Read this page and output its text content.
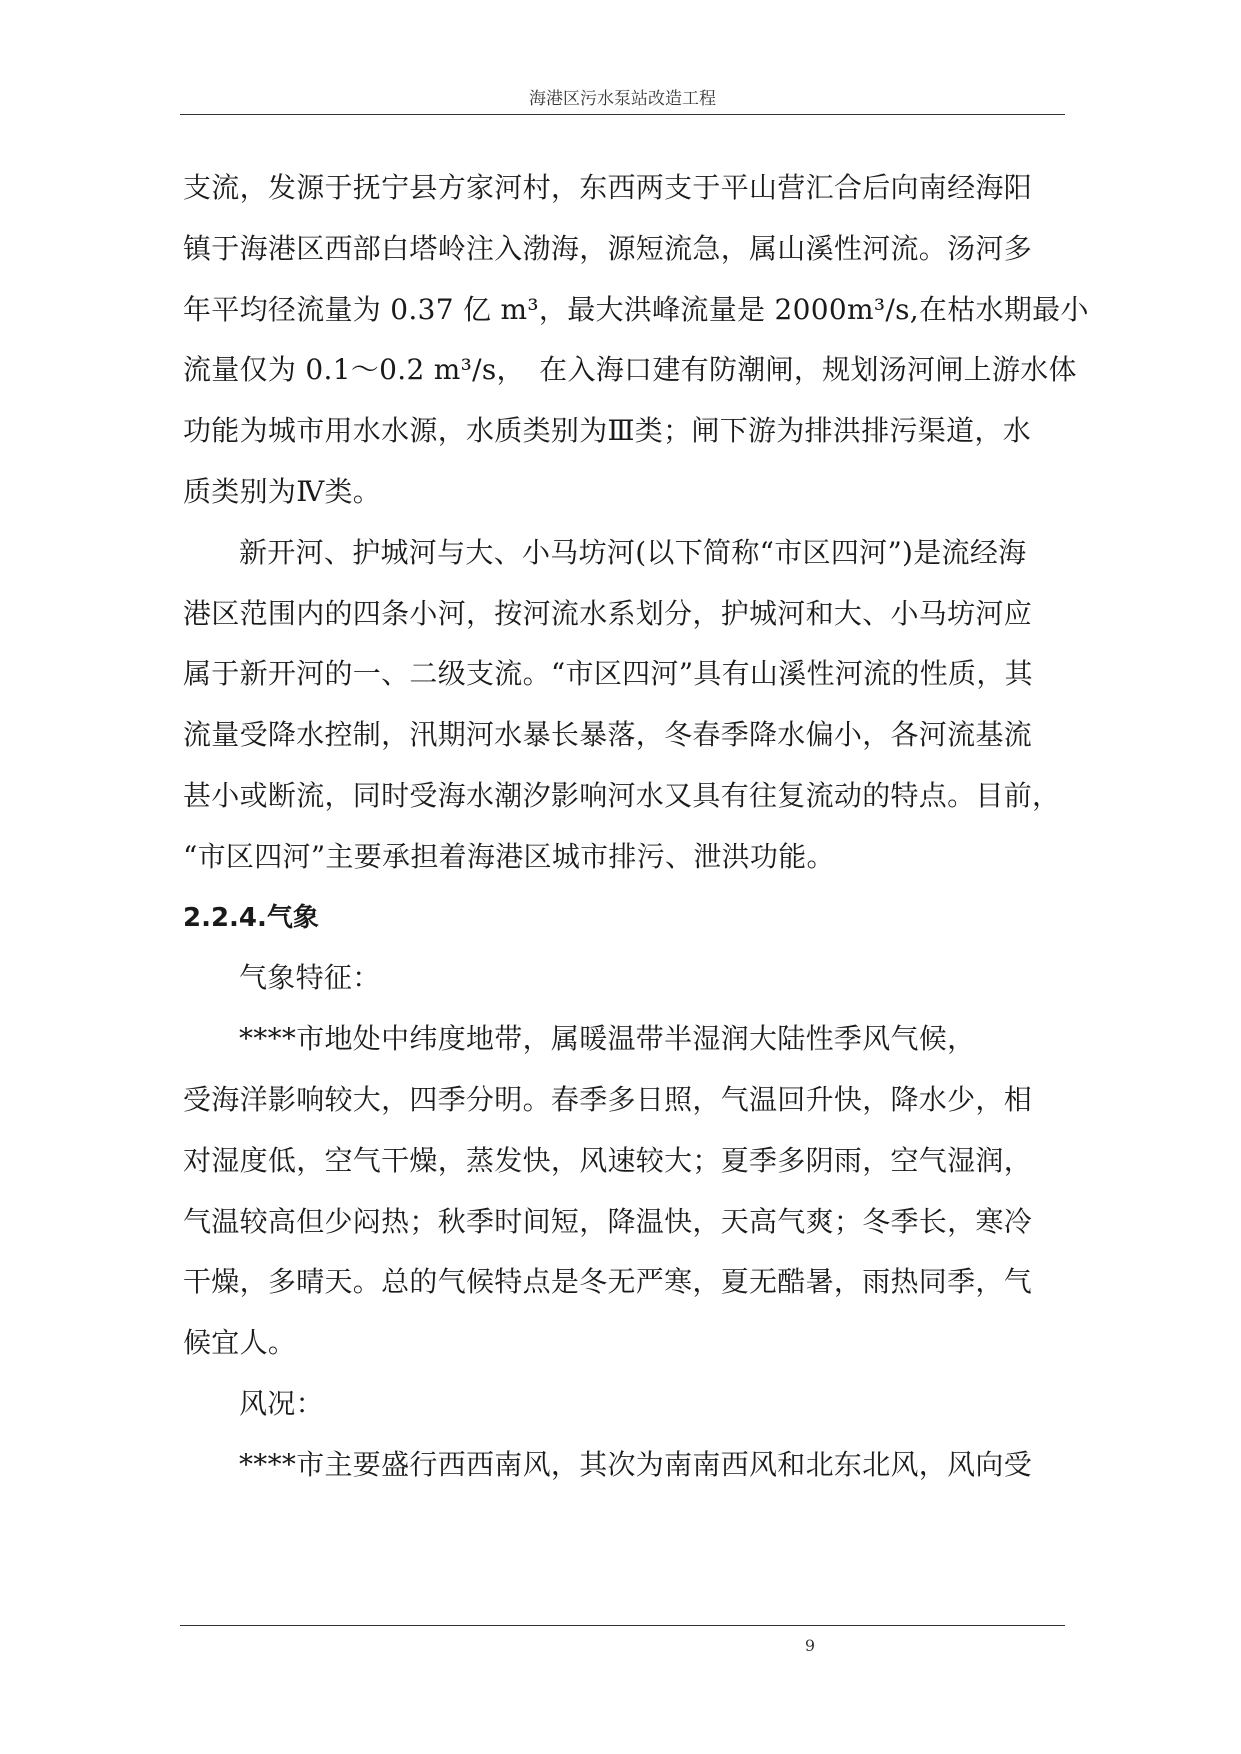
海港区污水泵站改造工程

支流，发源于抚宁县方家河村，东西两支于平山营汇合后向南经海阳
镇于海港区西部白塔岭注入渤海，源短流急，属山溪性河流。汤河多
年平均径流量为 0.37 亿 m³，最大洪峰流量是 2000m³/s,在枯水期最小
流量仅为 0.1～0.2 m³/s，　在入海口建有防潮闸，规划汤河闸上游水体
功能为城市用水水源，水质类别为Ⅲ类；闸下游为排洪排污渠道，水
质类别为Ⅳ类。

新开河、护城河与大、小马坊河(以下简称“市区四河”)是流经海
港区范围内的四条小河，按河流水系划分，护城河和大、小马坊河应
属于新开河的一、二级支流。“市区四河”具有山溪性河流的性质，其
流量受降水控制，汛期河水暴长暴落，冬春季降水偏小，各河流基流
甚小或断流，同时受海水潮汐影响河水又具有往复流动的特点。目前，
“市区四河”主要承担着海港区城市排污、泄洪功能。

2.2.4.气象

气象特征：

****市地处中纬度地带，属暖温带半湿润大陆性季风气候，
受海洋影响较大，四季分明。春季多日照，气温回升快，降水少，相
对湿度低，空气干燥，蒸发快，风速较大；夏季多阴雨，空气湿润，
气温较高但少闷热；秋季时间短，降温快，天高气爽；冬季长，寒冷
干燥，多晴天。总的气候特点是冬无严寒，夏无酷暑，雨热同季，气
候宜人。

风况：

****市主要盛行西西南风，其次为南南西风和北东北风，风向受

9
